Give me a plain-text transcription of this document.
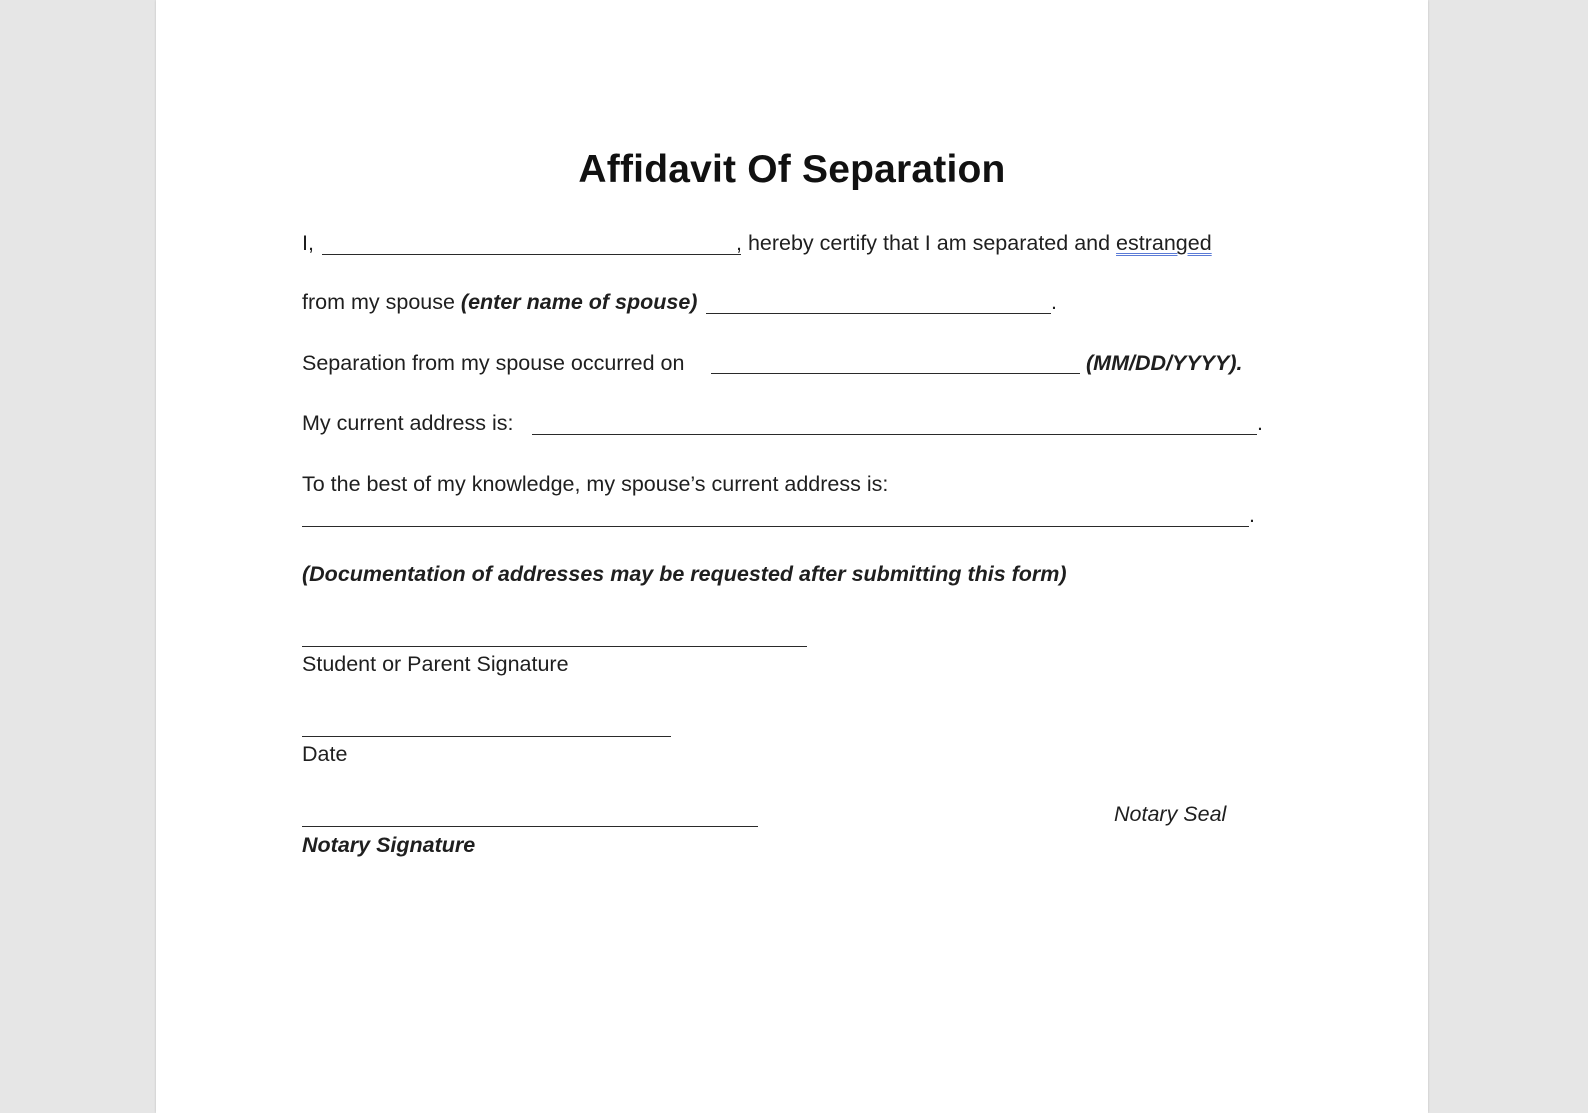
Affidavit Of Separation
I,	, hereby certify that I am separated and estranged
from my spouse (enter name of spouse)	.
Separation from my spouse occurred on	(MM/DD/YYYY).
My current address is:	.
To the best of my knowledge, my spouse’s current address is:
.
(Documentation of addresses may be requested after submitting this form)
Student or Parent Signature
Date
Notary Signature
Notary Seal
